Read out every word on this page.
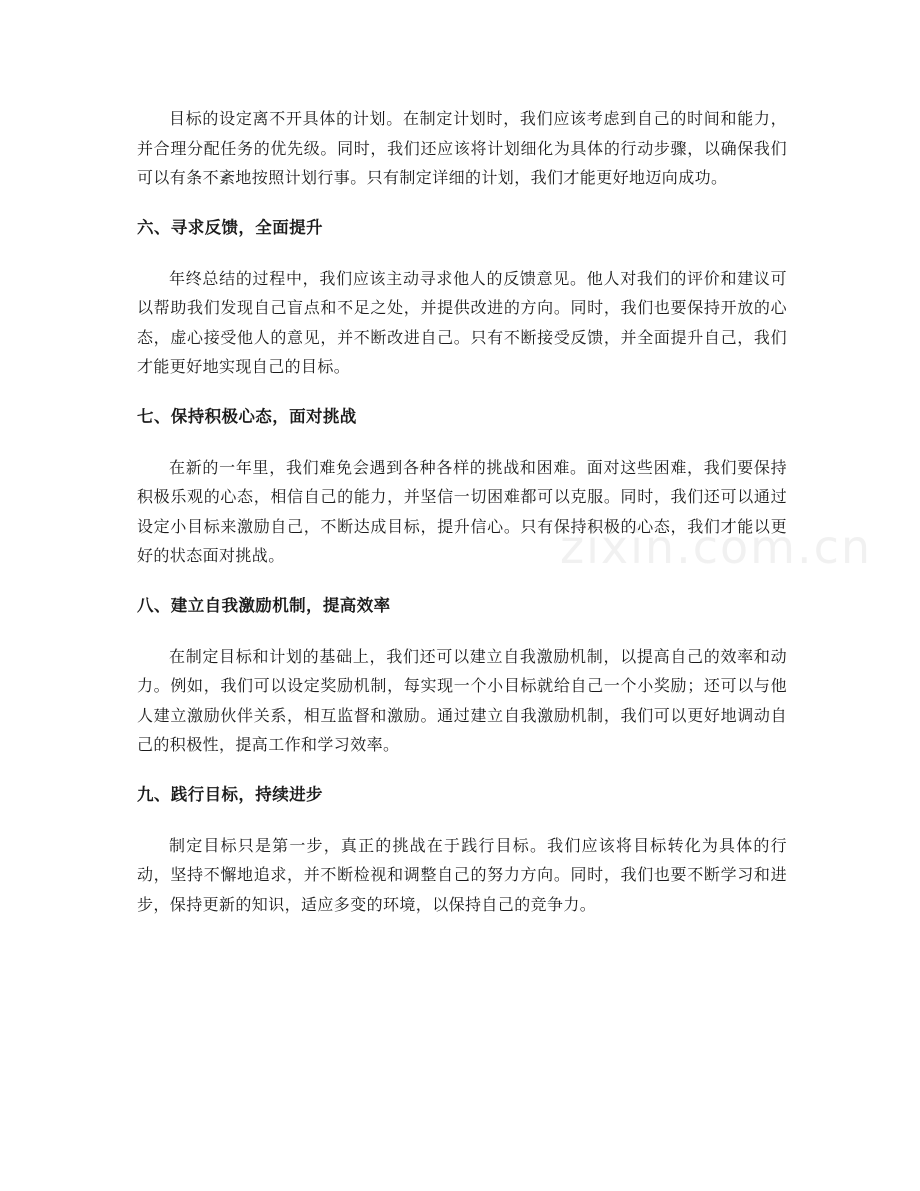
目标的设定离不开具体的计划。在制定计划时，我们应该考虑到自己的时间和能力，并合理分配任务的优先级。同时，我们还应该将计划细化为具体的行动步骤，以确保我们可以有条不紊地按照计划行事。只有制定详细的计划，我们才能更好地迈向成功。

六、寻求反馈，全面提升

年终总结的过程中，我们应该主动寻求他人的反馈意见。他人对我们的评价和建议可以帮助我们发现自己盲点和不足之处，并提供改进的方向。同时，我们也要保持开放的心态，虚心接受他人的意见，并不断改进自己。只有不断接受反馈，并全面提升自己，我们才能更好地实现自己的目标。

七、保持积极心态，面对挑战

在新的一年里，我们难免会遇到各种各样的挑战和困难。面对这些困难，我们要保持积极乐观的心态，相信自己的能力，并坚信一切困难都可以克服。同时，我们还可以通过设定小目标来激励自己，不断达成目标，提升信心。只有保持积极的心态，我们才能以更好的状态面对挑战。

八、建立自我激励机制，提高效率

在制定目标和计划的基础上，我们还可以建立自我激励机制，以提高自己的效率和动力。例如，我们可以设定奖励机制，每实现一个小目标就给自己一个小奖励；还可以与他人建立激励伙伴关系，相互监督和激励。通过建立自我激励机制，我们可以更好地调动自己的积极性，提高工作和学习效率。

九、践行目标，持续进步

制定目标只是第一步，真正的挑战在于践行目标。我们应该将目标转化为具体的行动，坚持不懈地追求，并不断检视和调整自己的努力方向。同时，我们也要不断学习和进步，保持更新的知识，适应多变的环境，以保持自己的竞争力。

zixin.com.cn
